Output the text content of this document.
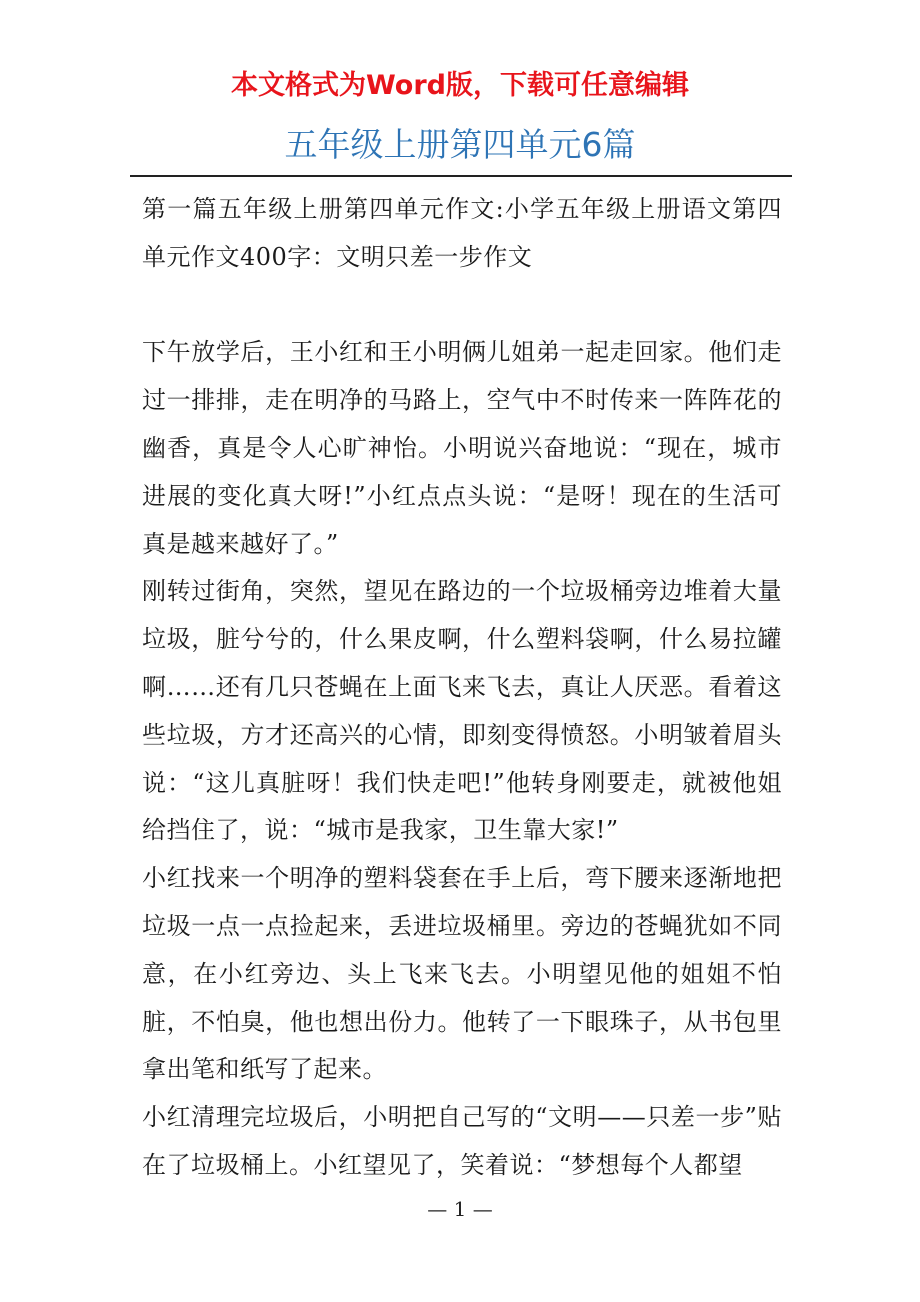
本文格式为Word版，下载可任意编辑
五年级上册第四单元6篇

第一篇五年级上册第四单元作文:小学五年级上册语文第四单元作文400字：文明只差一步作文

下午放学后，王小红和王小明俩儿姐弟一起走回家。他们走过一排排，走在明净的马路上，空气中不时传来一阵阵花的幽香，真是令人心旷神怡。小明说兴奋地说：“现在，城市进展的变化真大呀!”小红点点头说：“是呀！现在的生活可真是越来越好了。”

刚转过街角，突然，望见在路边的一个垃圾桶旁边堆着大量垃圾，脏兮兮的，什么果皮啊，什么塑料袋啊，什么易拉罐啊……还有几只苍蝇在上面飞来飞去，真让人厌恶。看着这些垃圾，方才还高兴的心情，即刻变得愤怒。小明皱着眉头说：“这儿真脏呀！我们快走吧!”他转身刚要走，就被他姐给挡住了，说：“城市是我家，卫生靠大家!”

小红找来一个明净的塑料袋套在手上后，弯下腰来逐渐地把垃圾一点一点捡起来，丢进垃圾桶里。旁边的苍蝇犹如不同意，在小红旁边、头上飞来飞去。小明望见他的姐姐不怕脏，不怕臭，他也想出份力。他转了一下眼珠子，从书包里拿出笔和纸写了起来。

小红清理完垃圾后，小明把自己写的“文明——只差一步”贴在了垃圾桶上。小红望见了，笑着说：“梦想每个人都望

— 1 —
